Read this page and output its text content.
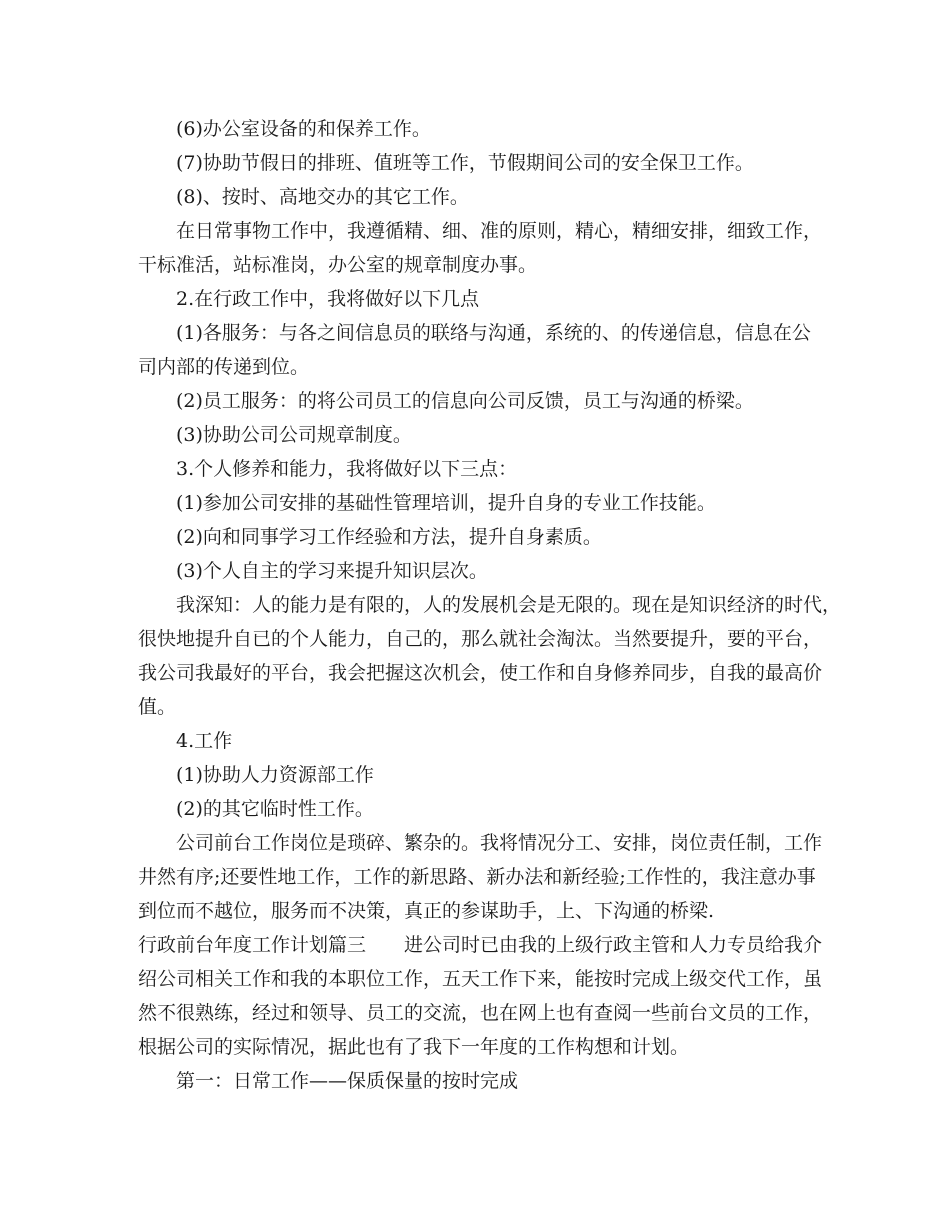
(6)办公室设备的和保养工作。
(7)协助节假日的排班、值班等工作，节假期间公司的安全保卫工作。
(8)、按时、高地交办的其它工作。
在日常事物工作中，我遵循精、细、准的原则，精心，精细安排，细致工作，
干标准活，站标准岗，办公室的规章制度办事。
2.在行政工作中，我将做好以下几点
(1)各服务：与各之间信息员的联络与沟通，系统的、的传递信息，信息在公
司内部的传递到位。
(2)员工服务：的将公司员工的信息向公司反馈，员工与沟通的桥梁。
(3)协助公司公司规章制度。
3.个人修养和能力，我将做好以下三点：
(1)参加公司安排的基础性管理培训，提升自身的专业工作技能。
(2)向和同事学习工作经验和方法，提升自身素质。
(3)个人自主的学习来提升知识层次。
我深知：人的能力是有限的，人的发展机会是无限的。现在是知识经济的时代，
很快地提升自已的个人能力，自己的，那么就社会淘汰。当然要提升，要的平台，
我公司我最好的平台，我会把握这次机会，使工作和自身修养同步，自我的最高价
值。
4.工作
(1)协助人力资源部工作
(2)的其它临时性工作。
公司前台工作岗位是琐碎、繁杂的。我将情况分工、安排，岗位责任制，工作
井然有序;还要性地工作，工作的新思路、新办法和新经验;工作性的，我注意办事
到位而不越位，服务而不决策，真正的参谋助手，上、下沟通的桥梁.
行政前台年度工作计划篇三　　进公司时已由我的上级行政主管和人力专员给我介
绍公司相关工作和我的本职位工作，五天工作下来，能按时完成上级交代工作，虽
然不很熟练，经过和领导、员工的交流，也在网上也有查阅一些前台文员的工作，
根据公司的实际情况，据此也有了我下一年度的工作构想和计划。
第一：日常工作——保质保量的按时完成
